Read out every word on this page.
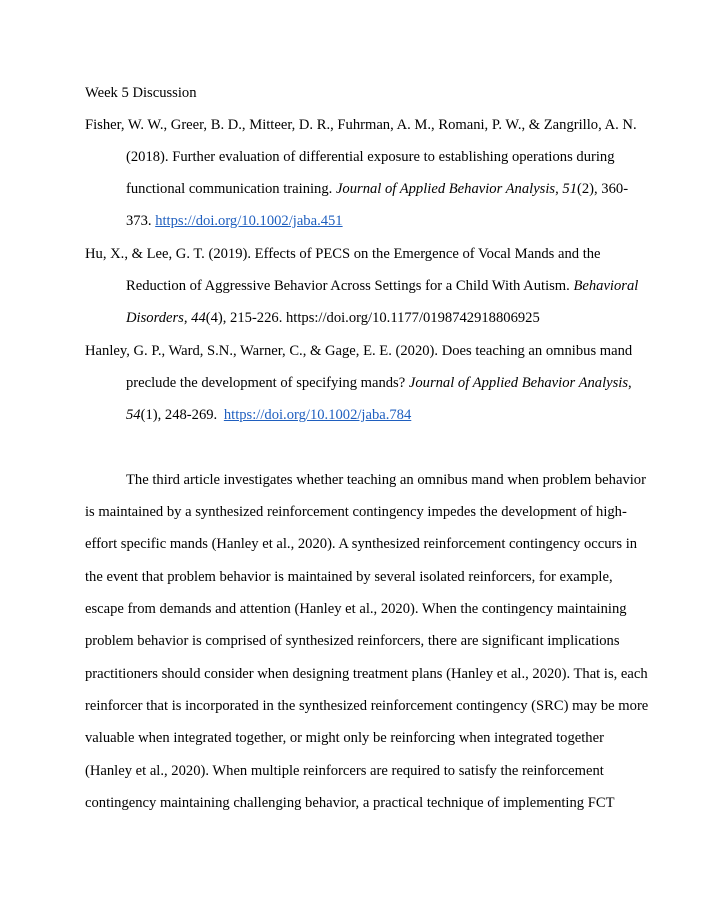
Week 5 Discussion
Fisher, W. W., Greer, B. D., Mitteer, D. R., Fuhrman, A. M., Romani, P. W., & Zangrillo, A. N.
(2018). Further evaluation of differential exposure to establishing operations during
functional communication training. Journal of Applied Behavior Analysis, 51(2), 360-
373. https://doi.org/10.1002/jaba.451
Hu, X., & Lee, G. T. (2019). Effects of PECS on the Emergence of Vocal Mands and the
Reduction of Aggressive Behavior Across Settings for a Child With Autism. Behavioral
Disorders, 44(4), 215-226. https://doi.org/10.1177/0198742918806925
Hanley, G. P., Ward, S.N., Warner, C., & Gage, E. E. (2020). Does teaching an omnibus mand
preclude the development of specifying mands? Journal of Applied Behavior Analysis,
54(1), 248-269. https://doi.org/10.1002/jaba.784
The third article investigates whether teaching an omnibus mand when problem behavior
is maintained by a synthesized reinforcement contingency impedes the development of high-
effort specific mands (Hanley et al., 2020). A synthesized reinforcement contingency occurs in
the event that problem behavior is maintained by several isolated reinforcers, for example,
escape from demands and attention (Hanley et al., 2020). When the contingency maintaining
problem behavior is comprised of synthesized reinforcers, there are significant implications
practitioners should consider when designing treatment plans (Hanley et al., 2020). That is, each
reinforcer that is incorporated in the synthesized reinforcement contingency (SRC) may be more
valuable when integrated together, or might only be reinforcing when integrated together
(Hanley et al., 2020). When multiple reinforcers are required to satisfy the reinforcement
contingency maintaining challenging behavior, a practical technique of implementing FCT
